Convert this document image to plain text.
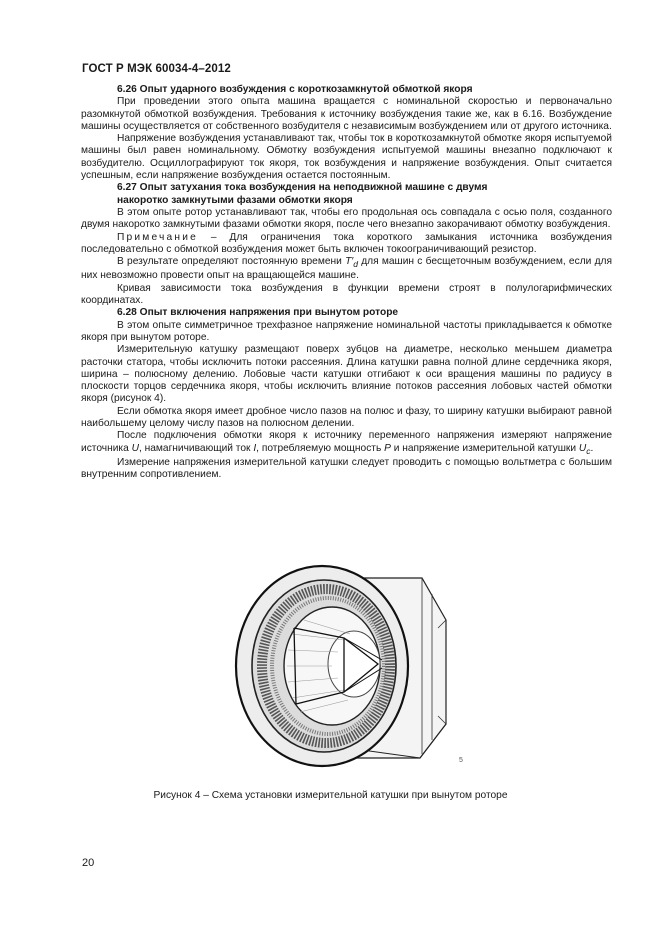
ГОСТ Р МЭК 60034-4–2012
6.26 Опыт ударного возбуждения с короткозамкнутой обмоткой якоря

При проведении этого опыта машина вращается с номинальной скоростью и первоначально разомкнутой обмоткой возбуждения. Требования к источнику возбуждения такие же, как в 6.16. Возбуждение машины осуществляется от собственного возбудителя с независимым возбуждением или от другого источника.

Напряжение возбуждения устанавливают так, чтобы ток в короткозамкнутой обмотке якоря испытуемой машины был равен номинальному. Обмотку возбуждения испытуемой машины внезапно подключают к возбудителю. Осциллографируют ток якоря, ток возбуждения и напряжение возбуждения. Опыт считается успешным, если напряжение возбуждения остается постоянным.

6.27 Опыт затухания тока возбуждения на неподвижной машине с двумя
накоротко замкнутыми фазами обмотки якоря

В этом опыте ротор устанавливают так, чтобы его продольная ось совпадала с осью поля, созданного двумя накоротко замкнутыми фазами обмотки якоря, после чего внезапно закорачивают обмотку возбуждения.

Примечание – Для ограничения тока короткого замыкания источника возбуждения последовательно с обмоткой возбуждения может быть включен токоограничивающий резистор.

В результате определяют постоянную времени $T'_d$ для машин с бесщеточным возбуждением, если для них невозможно провести опыт на вращающейся машине.

Кривая зависимости тока возбуждения в функции времени строят в полулогарифмических координатах.

6.28 Опыт включения напряжения при вынутом роторе

В этом опыте симметричное трехфазное напряжение номинальной частоты прикладывается к обмотке якоря при вынутом роторе.

Измерительную катушку размещают поверх зубцов на диаметре, несколько меньшем диаметра расточки статора, чтобы исключить потоки рассеяния. Длина катушки равна полной длине сердечника якоря, ширина – полюсному делению. Лобовые части катушки отгибают к оси вращения машины по радиусу в плоскости торцов сердечника якоря, чтобы исключить влияние потоков рассеяния лобовых частей обмотки якоря (рисунок 4).

Если обмотка якоря имеет дробное число пазов на полюс и фазу, то ширину катушки выбирают равной наибольшему целому числу пазов на полюсном делении.

После подключения обмотки якоря к источнику переменного напряжения измеряют напряжение источника U, намагничивающий ток I, потребляемую мощность P и напряжение измерительной катушки $U_c$.

Измерение напряжения измерительной катушки следует проводить с помощью вольтметра с большим внутренним сопротивлением.

5
Рисунок 4 – Схема установки измерительной катушки при вынутом роторе
20
